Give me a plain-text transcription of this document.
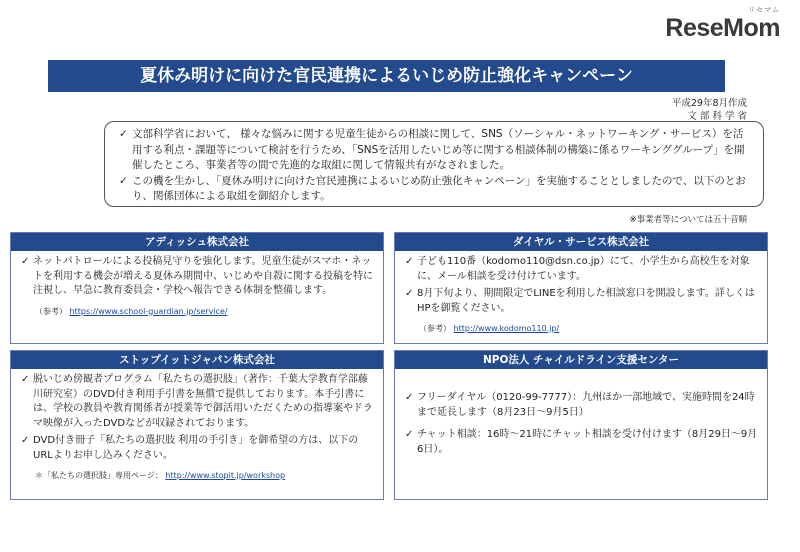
リセマム
ReseMom
夏休み明けに向けた官民連携によるいじめ防止強化キャンペーン
平成29年8月作成
文 部 科 学 省
✓ 文部科学省において、 様々な悩みに関する児童生徒からの相談に関して、SNS（ソーシャル・ネットワーキング・サービス）を活用する利点・課題等について検討を行うため、「SNSを活用したいじめ等に関する相談体制の構築に係るワーキンググループ」を開催したところ、事業者等の間で先進的な取組に関して情報共有がなされました。
✓ この機を生かし、「夏休み明けに向けた官民連携によるいじめ防止強化キャンペーン」を実施することとしましたので、以下のとおり、関係団体による取組を御紹介します。
※事業者等については五十音順
アディッシュ株式会社
✓ ネットパトロールによる投稿見守りを強化します。児童生徒がスマホ・ネットを利用する機会が増える夏休み期間中、いじめや自殺に関する投稿を特に注視し、早急に教育委員会・学校へ報告できる体制を整備します。
（参考） https://www.school-guardian.jp/service/
ダイヤル・サービス株式会社
✓ 子ども110番（kodomo110@dsn.co.jp）にて、小学生から高校生を対象に、メール相談を受け付けています。
✓ 8月下旬より、期間限定でLINEを利用した相談窓口を開設します。詳しくはHPを御覧ください。
（参考） http://www.kodomo110.jp/
ストップイットジャパン株式会社
✓ 脱いじめ傍観者プログラム「私たちの選択肢」（著作：千葉大学教育学部藤川研究室）のDVD付き利用手引書を無償で提供しております。本手引書には、学校の教員や教育関係者が授業等で御活用いただくための指導案やドラマ映像が入ったDVDなどが収録されております。
✓ DVD付き冊子「私たちの選択肢 利用の手引き」を御希望の方は、以下のURLよりお申し込みください。
＊「私たちの選択肢」専用ページ： http://www.stopit.jp/workshop
NPO法人 チャイルドライン支援センター
✓ フリーダイヤル（0120-99-7777）：九州ほか一部地域で、実施時間を24時まで延長します（8月23日～9月5日）
✓ チャット相談：16時～21時にチャット相談を受け付けます（8月29日～9月6日）。
